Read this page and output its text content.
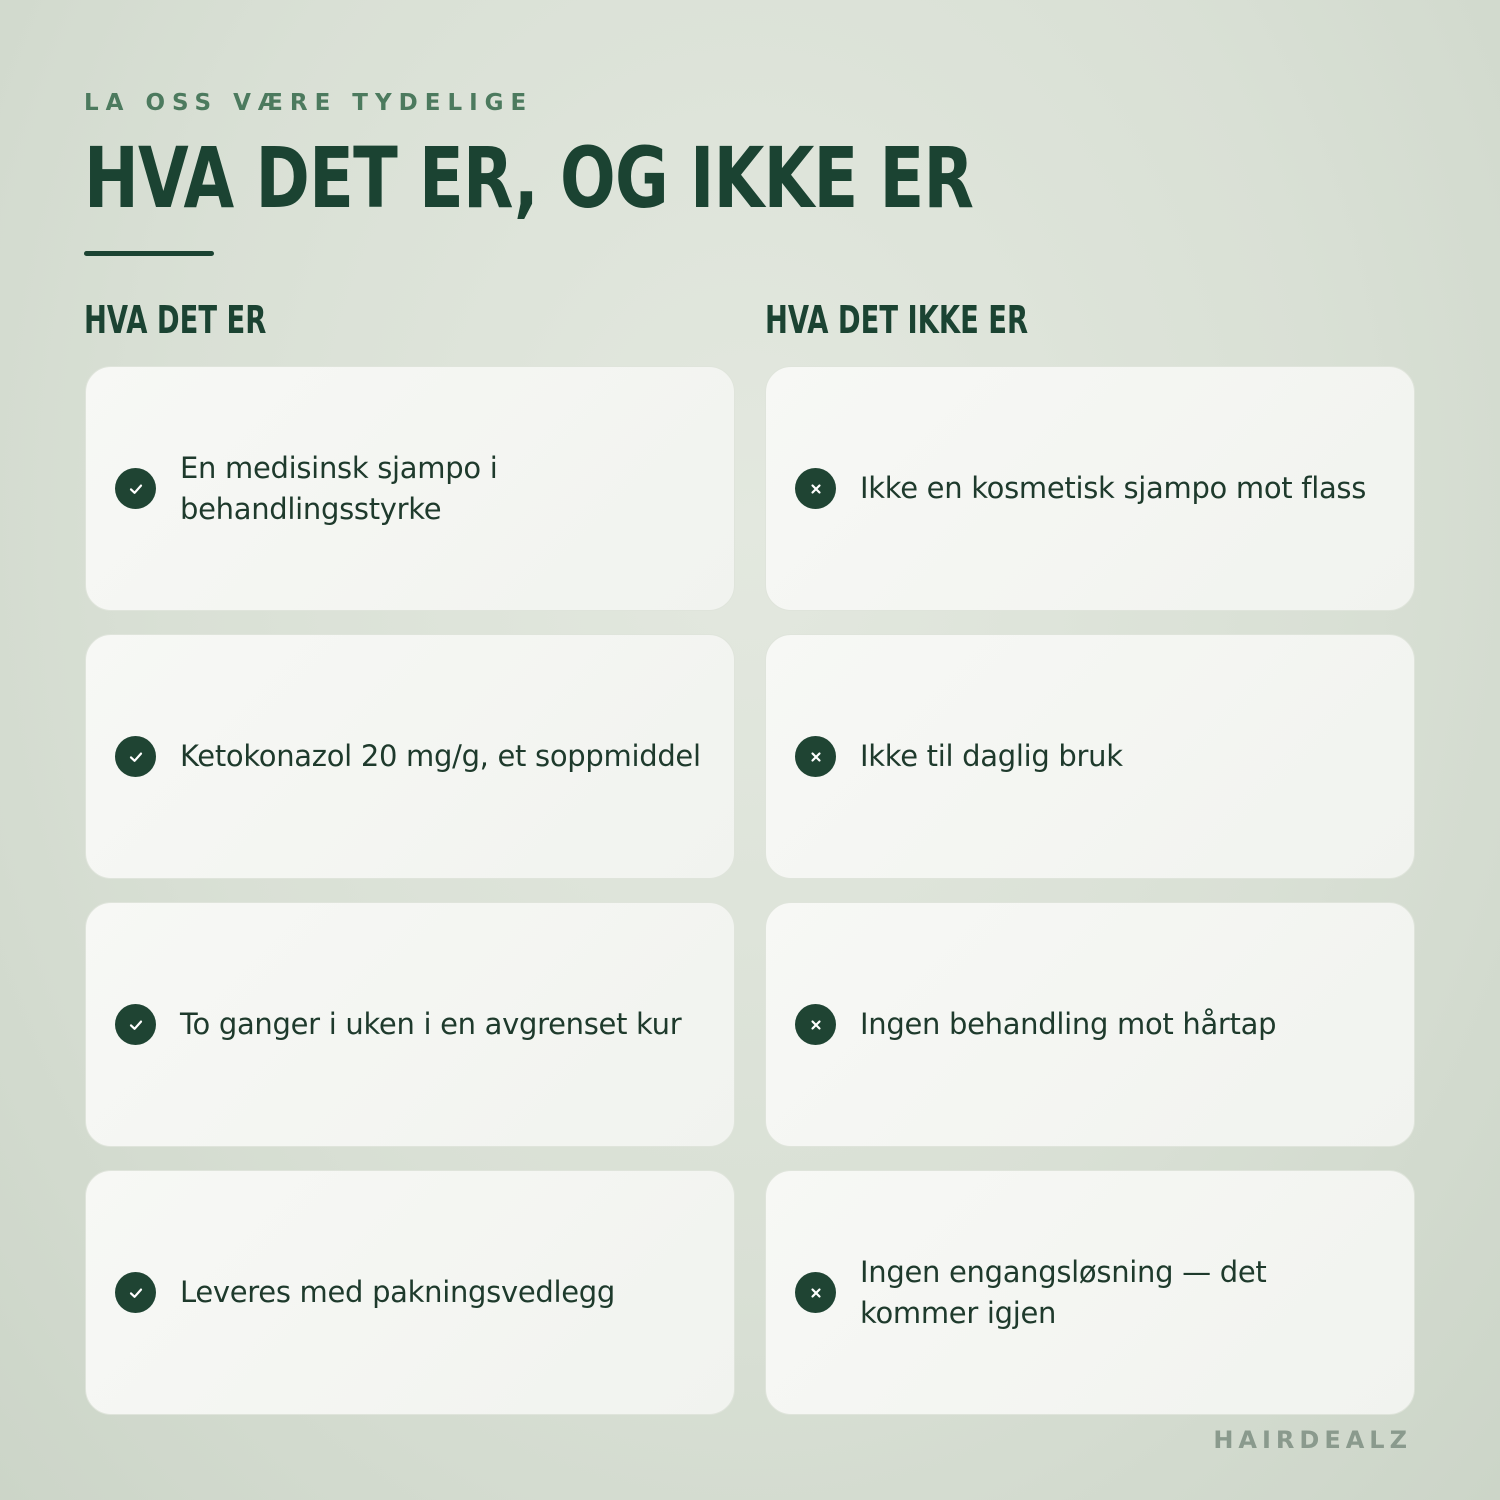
LA OSS VÆRE TYDELIGE
HVA DET ER, OG IKKE ER
HVA DET ER	HVA DET IKKE ER
En medisinsk sjampo i behandlingsstyrke
Ketokonazol 20 mg/g, et soppmiddel
To ganger i uken i en avgrenset kur
Leveres med pakningsvedlegg
Ikke en kosmetisk sjampo mot flass
Ikke til daglig bruk
Ingen behandling mot hårtap
Ingen engangsløsning — det kommer igjen
HAIRDEALZ
